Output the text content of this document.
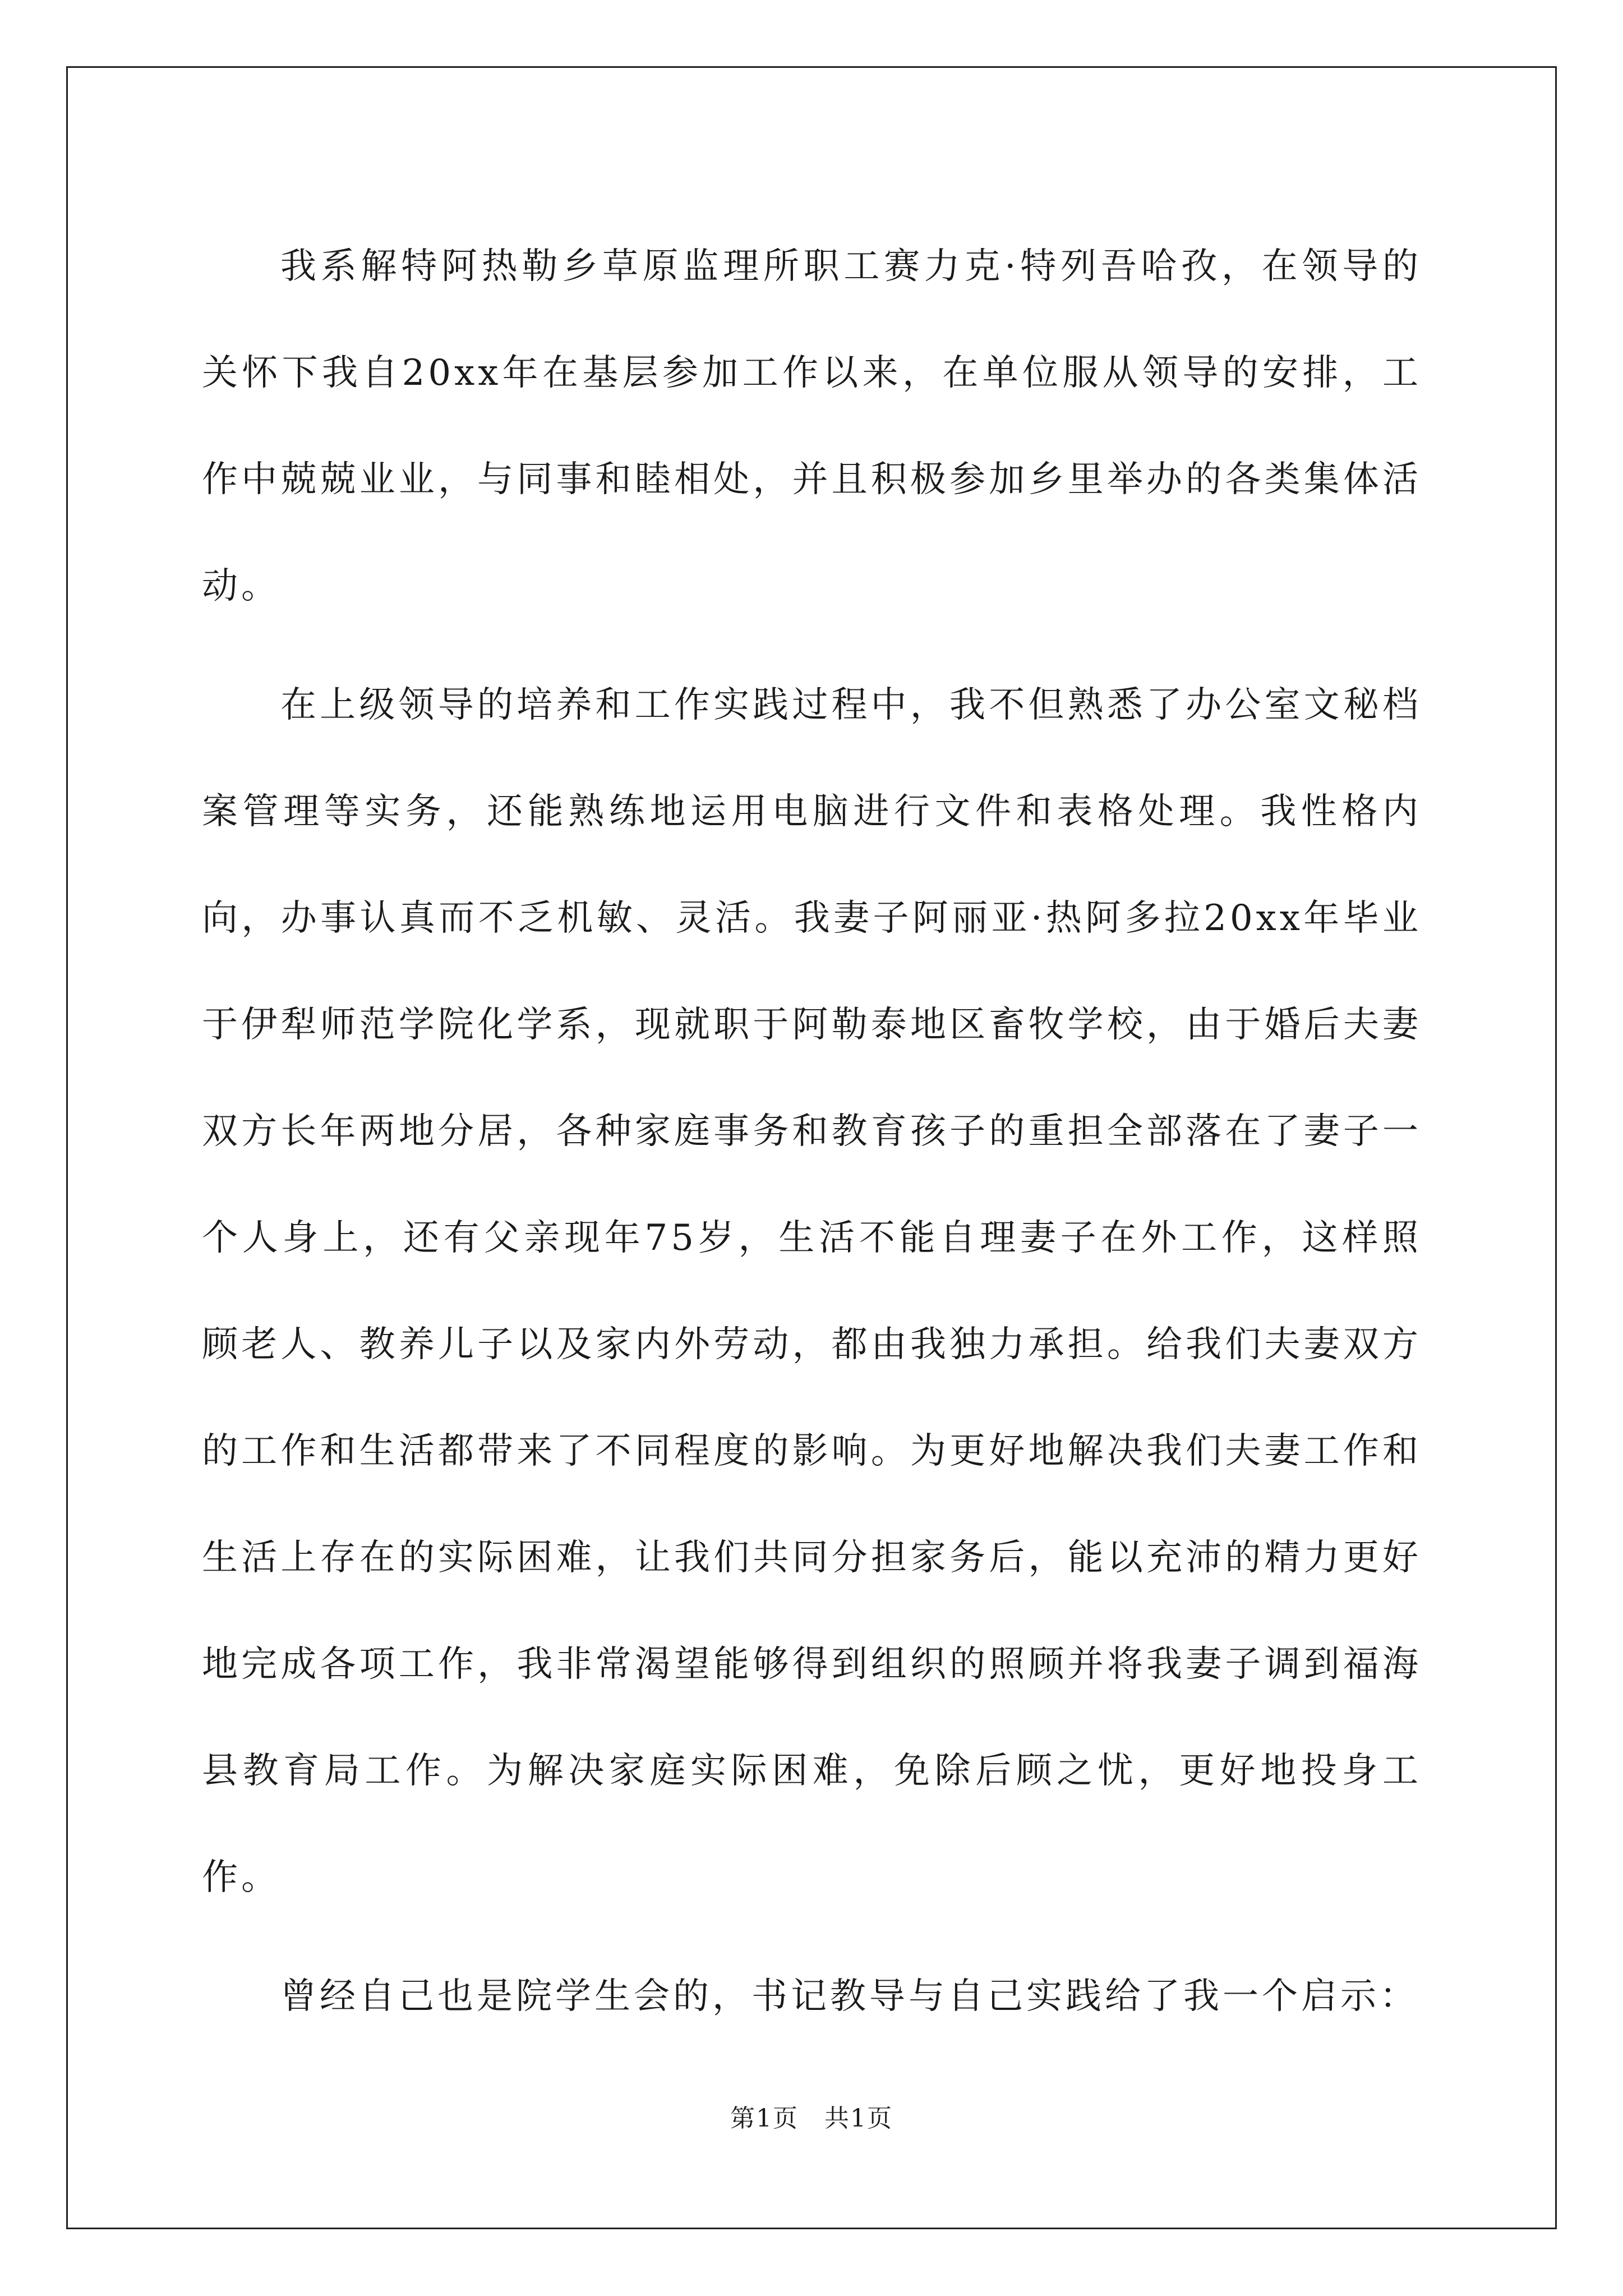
我系解特阿热勒乡草原监理所职工赛力克·特列吾哈孜，在领导的关怀下我自20xx年在基层参加工作以来，在单位服从领导的安排，工作中兢兢业业，与同事和睦相处，并且积极参加乡里举办的各类集体活动。

在上级领导的培养和工作实践过程中，我不但熟悉了办公室文秘档案管理等实务，还能熟练地运用电脑进行文件和表格处理。我性格内向，办事认真而不乏机敏、灵活。我妻子阿丽亚·热阿多拉20xx年毕业于伊犁师范学院化学系，现就职于阿勒泰地区畜牧学校，由于婚后夫妻双方长年两地分居，各种家庭事务和教育孩子的重担全部落在了妻子一个人身上，还有父亲现年75岁，生活不能自理妻子在外工作，这样照顾老人、教养儿子以及家内外劳动，都由我独力承担。给我们夫妻双方的工作和生活都带来了不同程度的影响。为更好地解决我们夫妻工作和生活上存在的实际困难，让我们共同分担家务后，能以充沛的精力更好地完成各项工作，我非常渴望能够得到组织的照顾并将我妻子调到福海县教育局工作。为解决家庭实际困难，免除后顾之忧，更好地投身工作。

曾经自己也是院学生会的，书记教导与自己实践给了我一个启示：

第1页　共1页
